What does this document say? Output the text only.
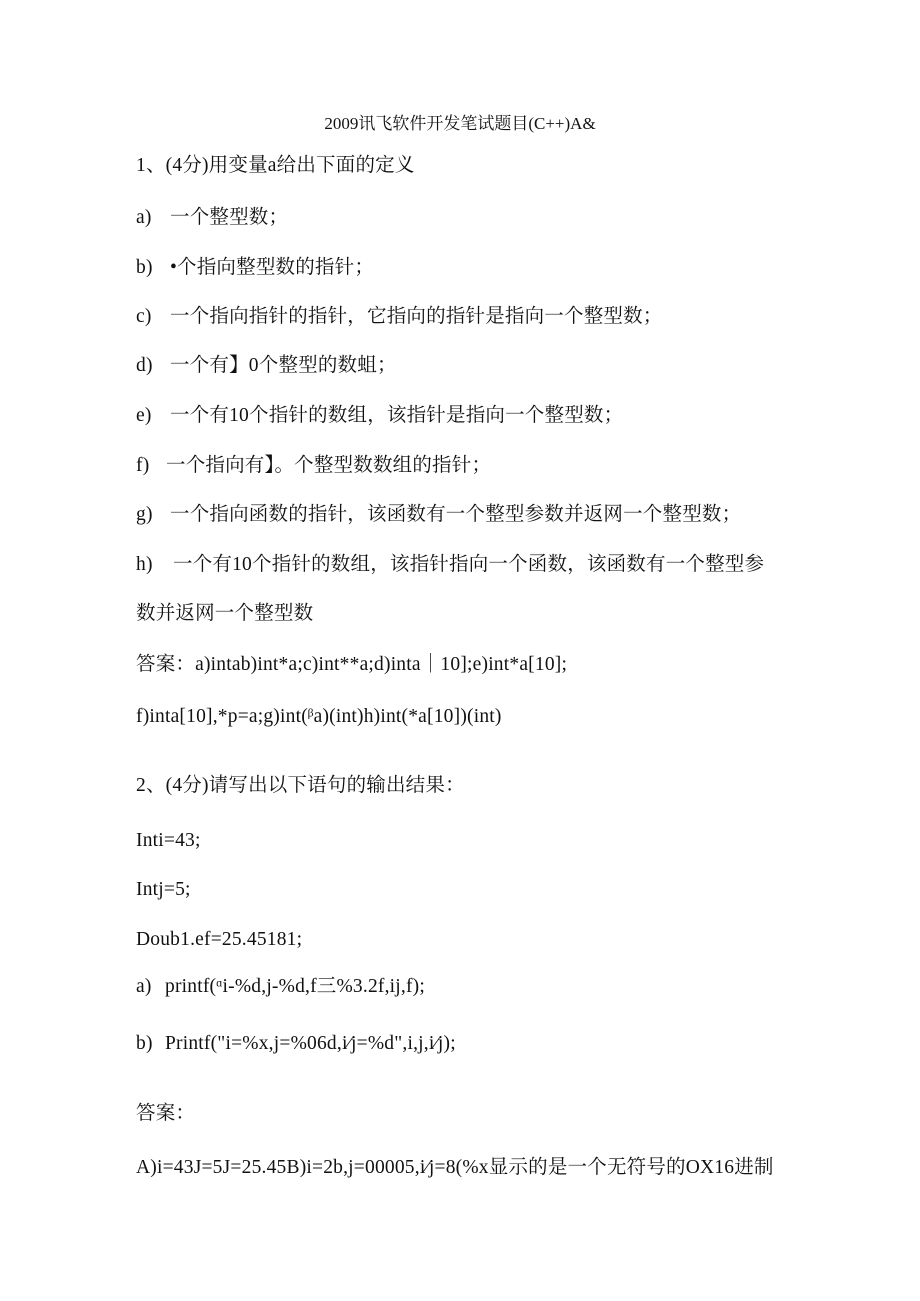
2009讯飞软件开发笔试题目(C++)A&
1、(4分)用变量a给出下面的定义
a) 一个整型数；
b) •个指向整型数的指针；
c) 一个指向指针的指针，它指向的指针是指向一个整型数；
d) 一个有】0个整型的数蛆；
e) 一个有10个指针的数组，该指针是指向一个整型数；
f) 一个指向有】。个整型数数组的指针；
g) 一个指向函数的指针，该函数有一个整型参数并返网一个整型数；
h) 一个有10个指针的数组，该指针指向一个函数，该函数有一个整型参
数并返网一个整型数
答案：a)intab)int*a;c)int**a;d)inta｜10];e)int*a[10];
f)inta[10],*p=a;g)int(ᵝa)(int)h)int(*a[10])(int)
2、(4分)请写出以下语句的输出结果：
Inti=43;
Intj=5;
Doub1.ef=25.45181;
a) printf(ᵅi-%d,j-%d,f三%3.2f,ij,f);
b) Printf("i=%x,j=%06d,i⁄j=%d",i,j,i⁄j);
答案：
A)i=43J=5J=25.45B)i=2b,j=00005,i⁄j=8(%x显示的是一个无符号的OX16进制
